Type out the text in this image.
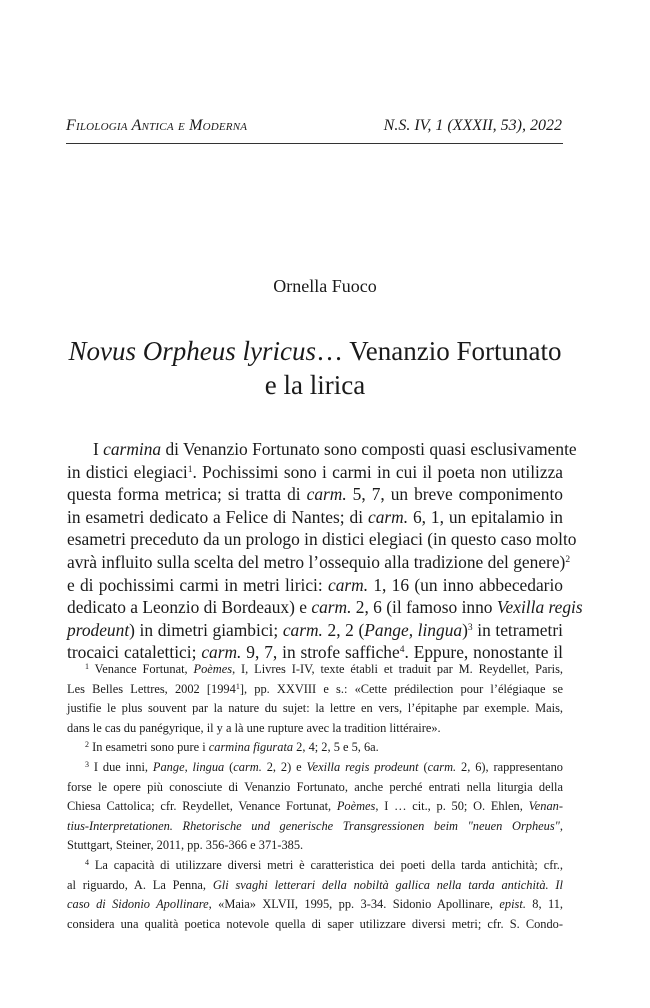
Filologia Antica e Moderna	N.S. IV, 1 (XXXII, 53), 2022
Ornella Fuoco
Novus Orpheus lyricus… Venanzio Fortunato
e la lirica
I carmina di Venanzio Fortunato sono composti quasi esclusivamente
in distici elegiaci$^1$. Pochissimi sono i carmi in cui il poeta non utilizza
questa forma metrica; si tratta di carm. 5, 7, un breve componimento
in esametri dedicato a Felice di Nantes; di carm. 6, 1, un epitalamio in
esametri preceduto da un prologo in distici elegiaci (in questo caso molto
avrà influito sulla scelta del metro l’ossequio alla tradizione del genere)$^2$
e di pochissimi carmi in metri lirici: carm. 1, 16 (un inno abbecedario
dedicato a Leonzio di Bordeaux) e carm. 2, 6 (il famoso inno Vexilla regis
prodeunt) in dimetri giambici; carm. 2, 2 (Pange, lingua)$^3$ in tetrametri
trocaici catalettici; carm. 9, 7, in strofe saffiche$^4$. Eppure, nonostante il
$^1$ Venance Fortunat, Poèmes, I, Livres I-IV, texte établi et traduit par M. Reydellet, Paris,
Les Belles Lettres, 2002 [1994$^1$], pp. XXVIII e s.: «Cette prédilection pour l’élégiaque se
justifie le plus souvent par la nature du sujet: la lettre en vers, l’épitaphe par exemple. Mais,
dans le cas du panégyrique, il y a là une rupture avec la tradition littéraire».
$^2$ In esametri sono pure i carmina figurata 2, 4; 2, 5 e 5, 6a.
$^3$ I due inni, Pange, lingua (carm. 2, 2) e Vexilla regis prodeunt (carm. 2, 6), rappresentano
forse le opere più conosciute di Venanzio Fortunato, anche perché entrati nella liturgia della
Chiesa Cattolica; cfr. Reydellet, Venance Fortunat, Poèmes, I … cit., p. 50; O. Ehlen, Venan-
tius-Interpretationen. Rhetorische und generische Transgressionen beim "neuen Orpheus",
Stuttgart, Steiner, 2011, pp. 356-366 e 371-385.
$^4$ La capacità di utilizzare diversi metri è caratteristica dei poeti della tarda antichità; cfr.,
al riguardo, A. La Penna, Gli svaghi letterari della nobiltà gallica nella tarda antichità. Il
caso di Sidonio Apollinare, «Maia» XLVII, 1995, pp. 3-34. Sidonio Apollinare, epist. 8, 11,
considera una qualità poetica notevole quella di saper utilizzare diversi metri; cfr. S. Condo-
